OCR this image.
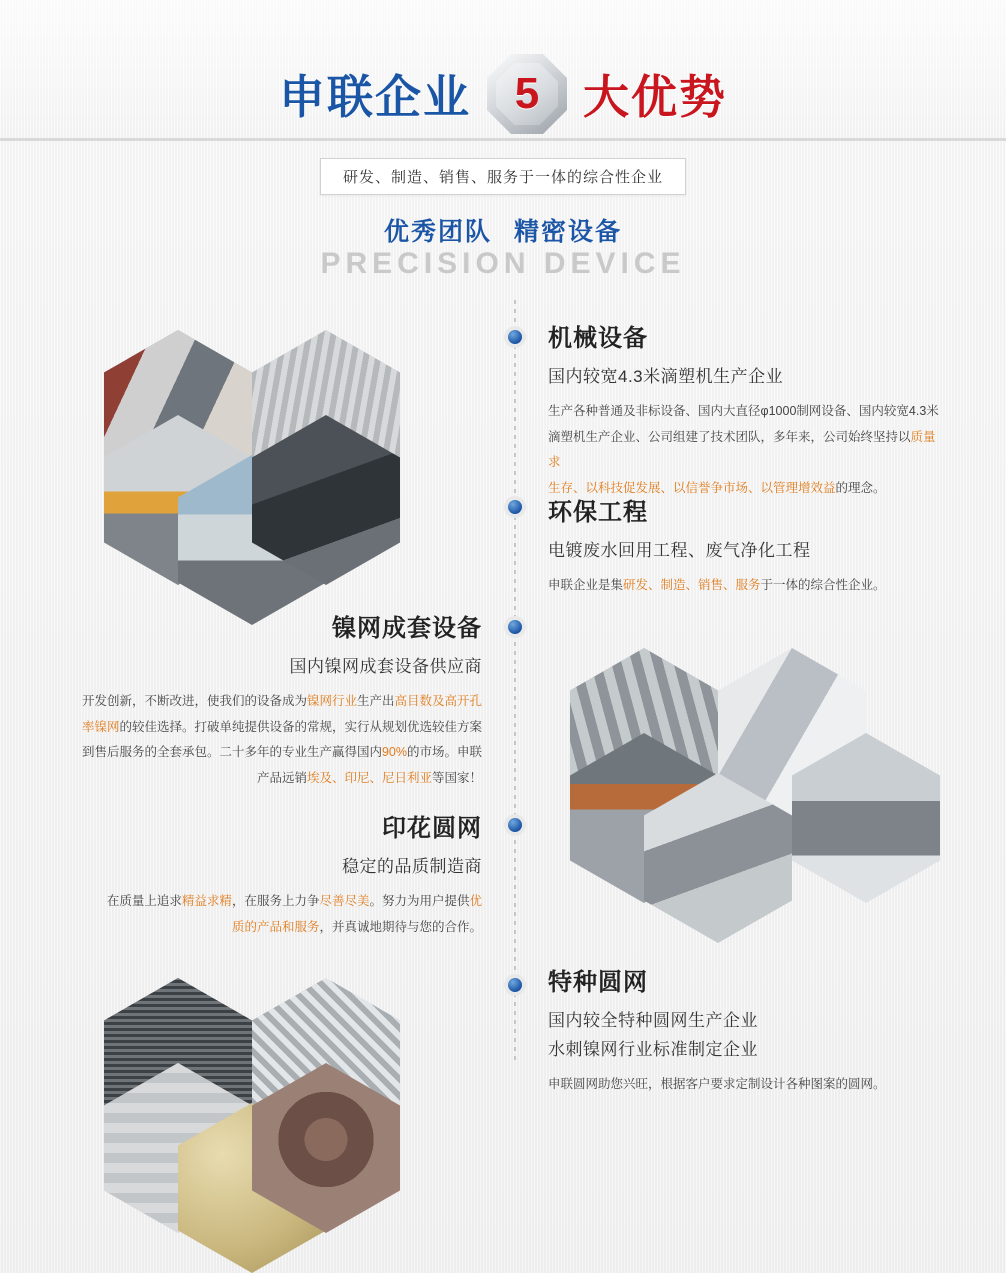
申联企业 5 大优势
研发、制造、销售、服务于一体的综合性企业
优秀团队 精密设备
PRECISION DEVICE
机械设备
国内较宽4.3米滴塑机生产企业
生产各种普通及非标设备、国内大直径φ1000制网设备、国内较宽4.3米
滴塑机生产企业、公司组建了技术团队，多年来，公司始终坚持以质量求
生存、以科技促发展、以信誉争市场、以管理增效益的理念。
环保工程
电镀废水回用工程、废气净化工程
申联企业是集研发、制造、销售、服务于一体的综合性企业。
镍网成套设备
国内镍网成套设备供应商
开发创新，不断改进，使我们的设备成为镍网行业生产出高目数及高开孔
率镍网的较佳选择。打破单纯提供设备的常规，实行从规划优选较佳方案
到售后服务的全套承包。二十多年的专业生产赢得国内90%的市场。申联
产品远销埃及、印尼、尼日利亚等国家！
印花圆网
稳定的品质制造商
在质量上追求精益求精，在服务上力争尽善尽美。努力为用户提供优
质的产品和服务，并真诚地期待与您的合作。
特种圆网
国内较全特种圆网生产企业
水刺镍网行业标准制定企业
申联圆网助您兴旺，根据客户要求定制设计各种图案的圆网。
